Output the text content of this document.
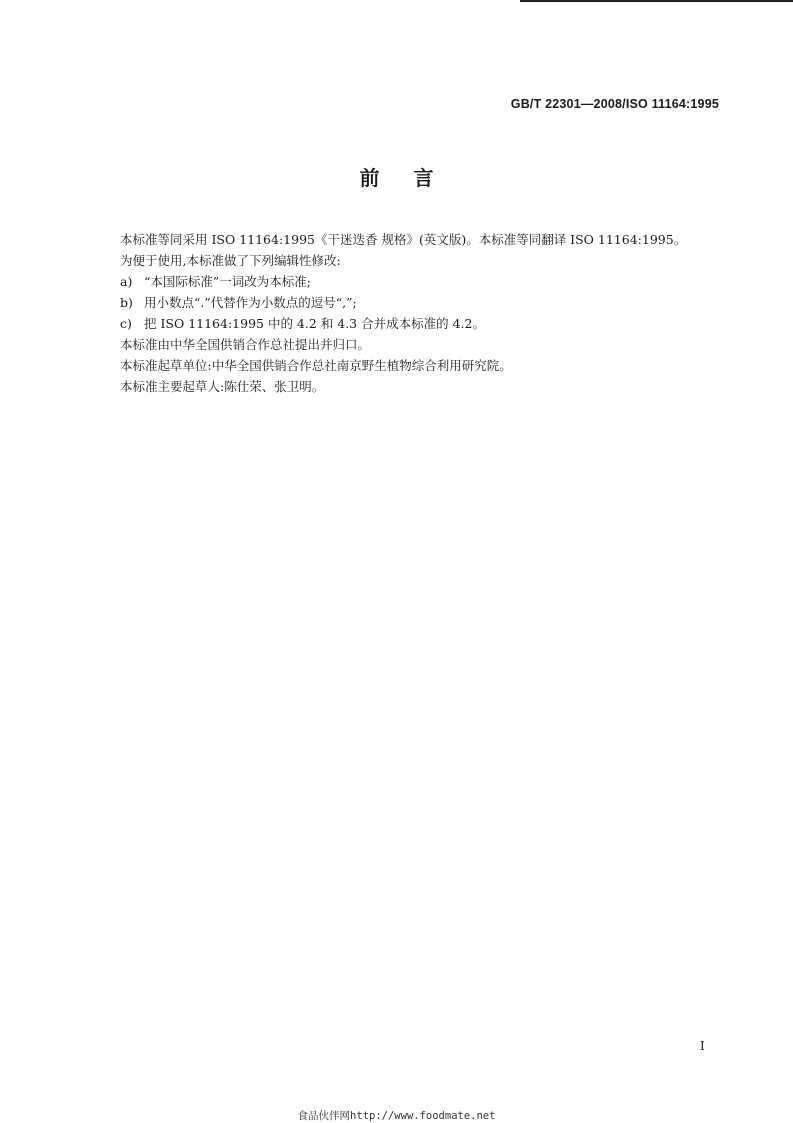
GB/T 22301—2008/ISO 11164:1995
前言
本标准等同采用 ISO 11164:1995《干迷迭香 规格》(英文版)。本标准等同翻译 ISO 11164:1995。
为便于使用,本标准做了下列编辑性修改:
a) “本国际标准”一词改为本标准;
b) 用小数点“.”代替作为小数点的逗号“,”;
c) 把 ISO 11164:1995 中的 4.2 和 4.3 合并成本标准的 4.2。
本标准由中华全国供销合作总社提出并归口。
本标准起草单位:中华全国供销合作总社南京野生植物综合利用研究院。
本标准主要起草人:陈仕荣、张卫明。
I
食品伙伴网http://www.foodmate.net
